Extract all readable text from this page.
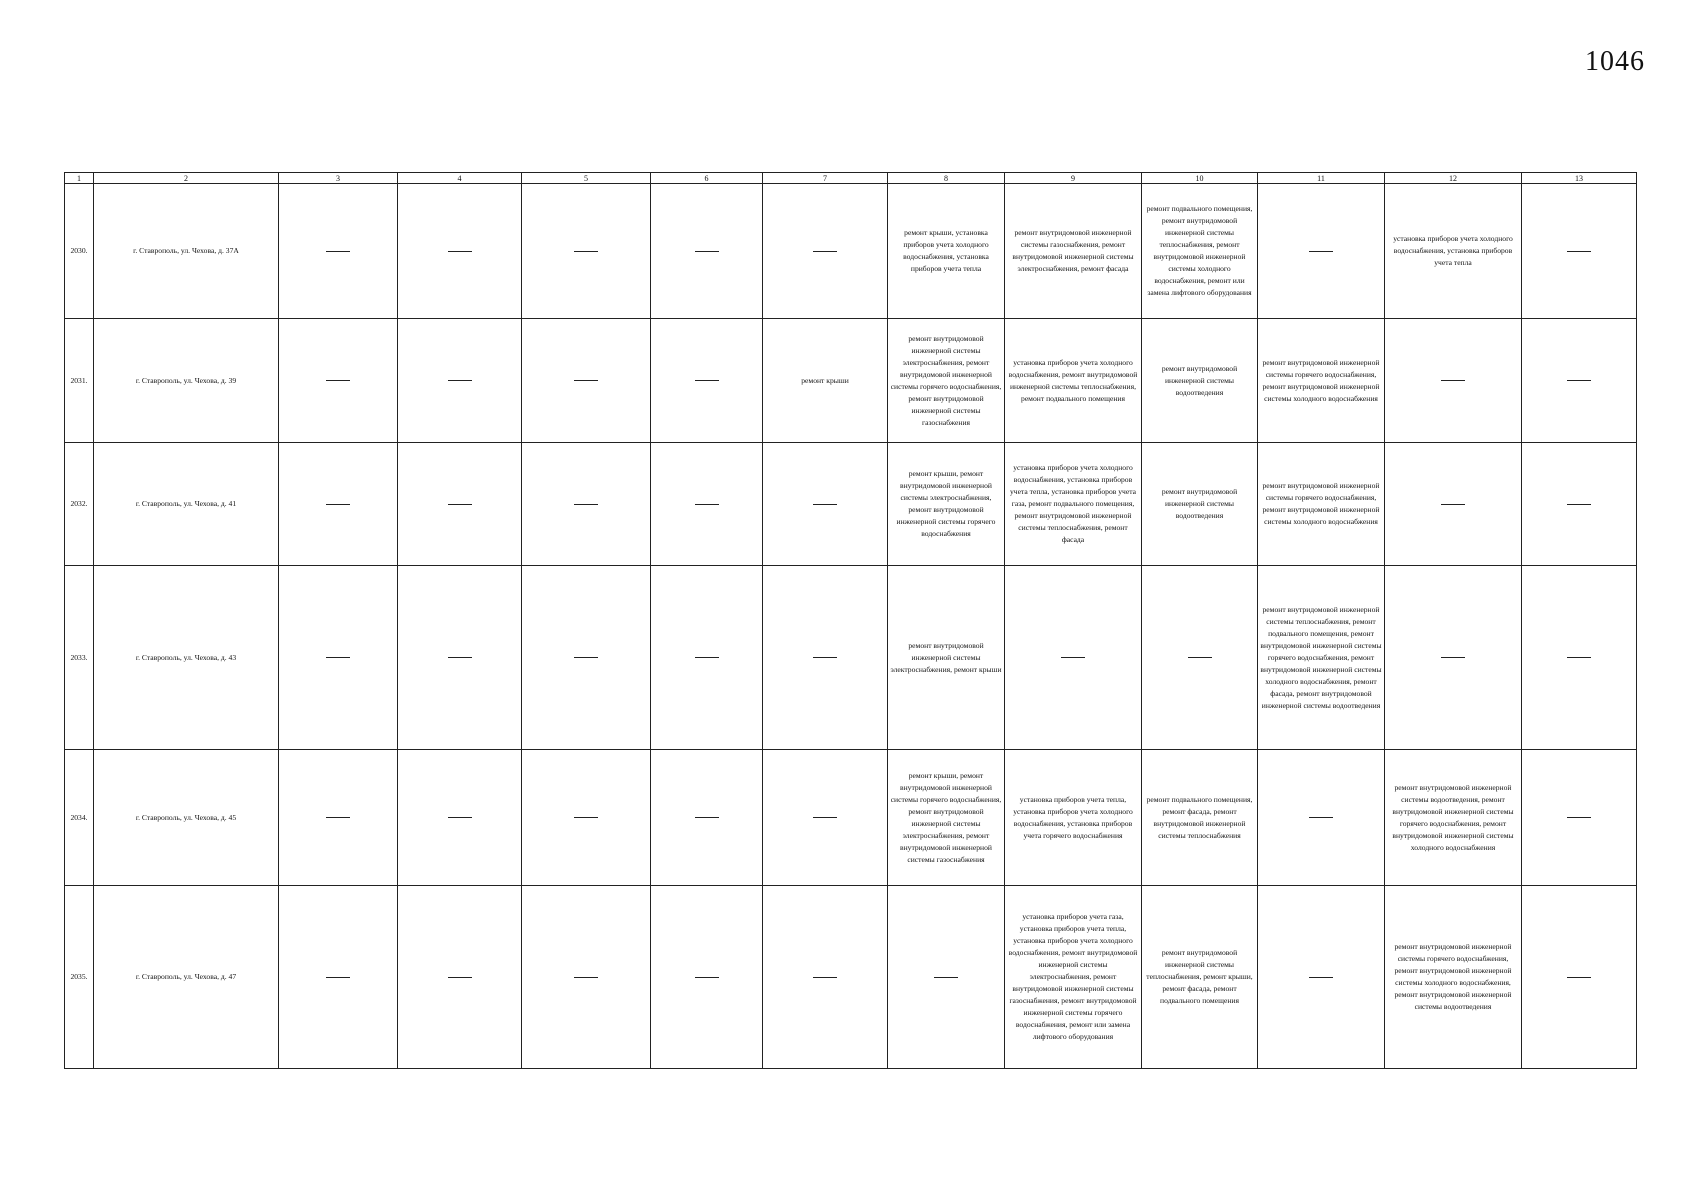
1046
1	2	3	4	5	6	7	8	9	10	11	12	13
2030.	г. Ставрополь, ул. Чехова, д. 37А						ремонт крыши, установка приборов учета холодного водоснабжения, установка приборов учета тепла	ремонт внутридомовой инженерной системы газоснабжения, ремонт внутридомовой инженерной системы электроснабжения, ремонт фасада	ремонт подвального помещения, ремонт внутридомовой инженерной системы теплоснабжения, ремонт внутридомовой инженерной системы холодного водоснабжения, ремонт или замена лифтового оборудования		установка приборов учета холодного водоснабжения, установка приборов учета тепла	
2031.	г. Ставрополь, ул. Чехова, д. 39					ремонт крыши	ремонт внутридомовой инженерной системы электроснабжения, ремонт внутридомовой инженерной системы горячего водоснабжения, ремонт внутридомовой инженерной системы газоснабжения	установка приборов учета холодного водоснабжения, ремонт внутридомовой инженерной системы теплоснабжения, ремонт подвального помещения	ремонт внутридомовой инженерной системы водоотведения	ремонт внутридомовой инженерной системы горячего водоснабжения, ремонт внутридомовой инженерной системы холодного водоснабжения		
2032.	г. Ставрополь, ул. Чехова, д. 41						ремонт крыши, ремонт внутридомовой инженерной системы электроснабжения, ремонт внутридомовой инженерной системы горячего водоснабжения	установка приборов учета холодного водоснабжения, установка приборов учета тепла, установка приборов учета газа, ремонт подвального помещения, ремонт внутридомовой инженерной системы теплоснабжения, ремонт фасада	ремонт внутридомовой инженерной системы водоотведения	ремонт внутридомовой инженерной системы горячего водоснабжения, ремонт внутридомовой инженерной системы холодного водоснабжения		
2033.	г. Ставрополь, ул. Чехова, д. 43						ремонт внутридомовой инженерной системы электроснабжения, ремонт крыши			ремонт внутридомовой инженерной системы теплоснабжения, ремонт подвального помещения, ремонт внутридомовой инженерной системы горячего водоснабжения, ремонт внутридомовой инженерной системы холодного водоснабжения, ремонт фасада, ремонт внутридомовой инженерной системы водоотведения		
2034.	г. Ставрополь, ул. Чехова, д. 45						ремонт крыши, ремонт внутридомовой инженерной системы горячего водоснабжения, ремонт внутридомовой инженерной системы электроснабжения, ремонт внутридомовой инженерной системы газоснабжения	установка приборов учета тепла, установка приборов учета холодного водоснабжения, установка приборов учета горячего водоснабжения	ремонт подвального помещения, ремонт фасада, ремонт внутридомовой инженерной системы теплоснабжения		ремонт внутридомовой инженерной системы водоотведения, ремонт внутридомовой инженерной системы горячего водоснабжения, ремонт внутридомовой инженерной системы холодного водоснабжения	
2035.	г. Ставрополь, ул. Чехова, д. 47							установка приборов учета газа, установка приборов учета тепла, установка приборов учета холодного водоснабжения, ремонт внутридомовой инженерной системы электроснабжения, ремонт внутридомовой инженерной системы газоснабжения, ремонт внутридомовой инженерной системы горячего водоснабжения, ремонт или замена лифтового оборудования	ремонт внутридомовой инженерной системы теплоснабжения, ремонт крыши, ремонт фасада, ремонт подвального помещения		ремонт внутридомовой инженерной системы горячего водоснабжения, ремонт внутридомовой инженерной системы холодного водоснабжения, ремонт внутридомовой инженерной системы водоотведения	
